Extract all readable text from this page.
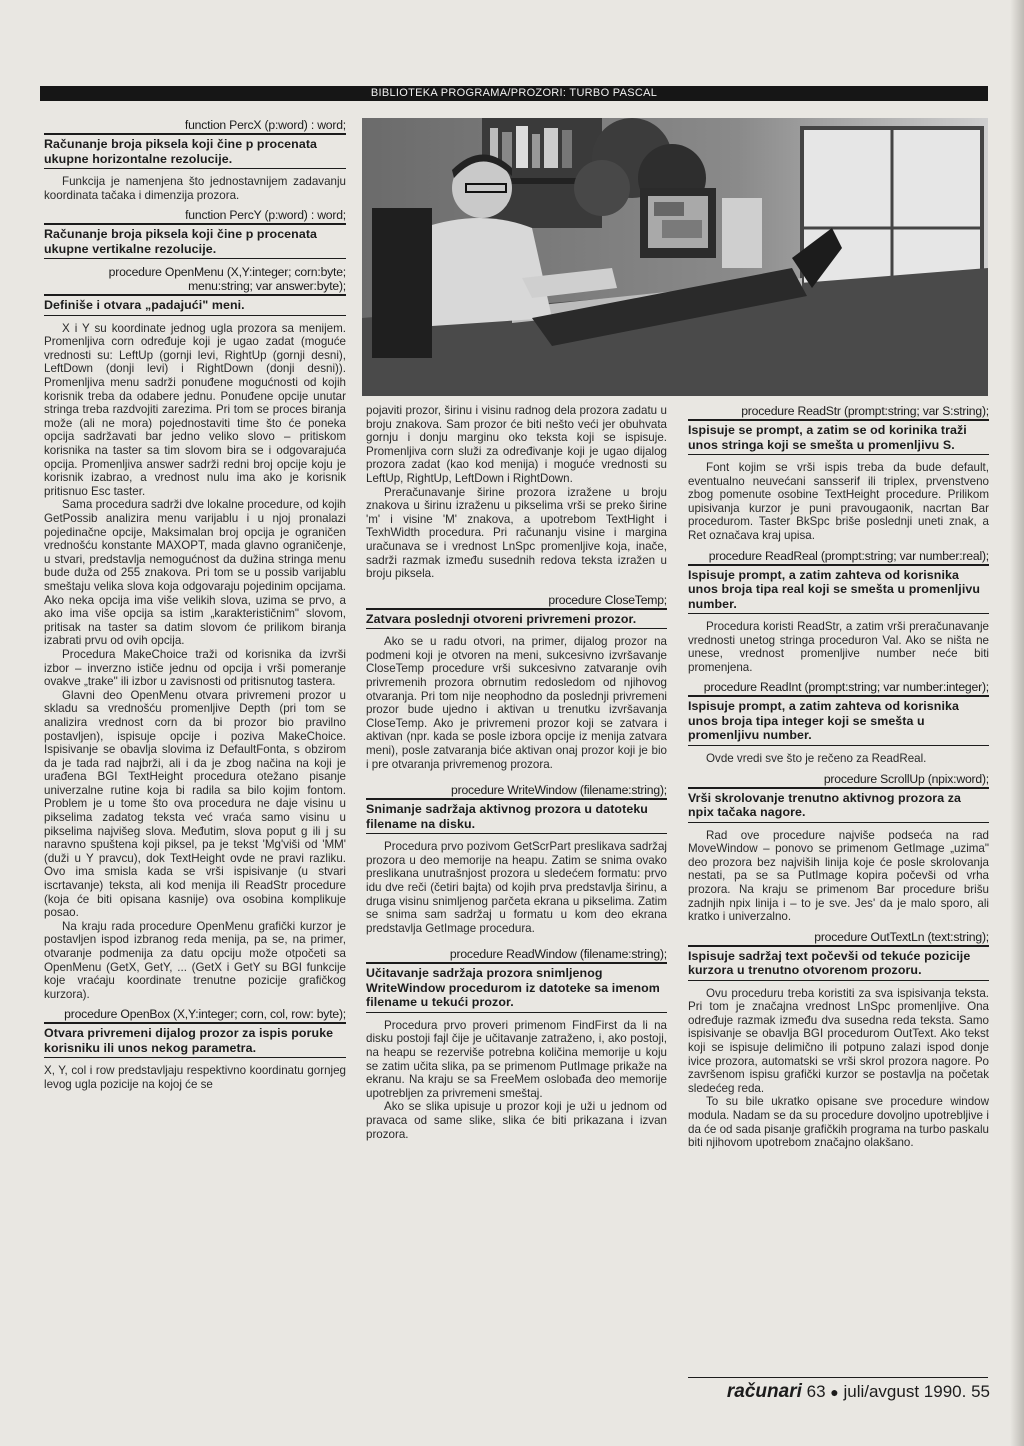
BIBLIOTEKA PROGRAMA/PROZORI: TURBO PASCAL
function PercX (p:word) : word;
Računanje broja piksela koji čine p procenata ukupne horizontalne rezolucije.

Funkcija je namenjena što jednostavnijem zadavanju koordinata tačaka i dimenzija prozora.

function PercY (p:word) : word;
Računanje broja piksela koji čine p procenata ukupne vertikalne rezolucije.
procedure OpenMenu (X,Y:integer; corn:byte; menu:string; var answer:byte);
Definiše i otvara „padajući" meni.

X i Y su koordinate jednog ugla prozora sa menijem. Promenljiva corn određuje koji je ugao zadat (moguće vrednosti su: LeftUp (gornji levi, RightUp (gornji desni), LeftDown (donji levi) i RightDown (donji desni)). Promenljiva menu sadrži ponuđene mogućnosti od kojih korisnik treba da odabere jednu. Ponuđene opcije unutar stringa treba razdvojiti zarezima. Pri tom se proces biranja može (ali ne mora) pojednostaviti time što će poneka opcija sadržavati bar jedno veliko slovo – pritiskom korisnika na taster sa tim slovom bira se i odgovarajuća opcija. Promenljiva answer sadrži redni broj opcije koju je korisnik izabrao, a vrednost nulu ima ako je korisnik pritisnuo Esc taster.

Sama procedura sadrži dve lokalne procedure, od kojih GetPossib analizira menu varijablu i u njoj pronalazi pojedinačne opcije, Maksimalan broj opcija je ograničen vrednošću konstante MAXOPT, mada glavno ograničenje, u stvari, predstavlja nemogućnost da dužina stringa menu bude duža od 255 znakova. Pri tom se u possib varijablu smeštaju velika slova koja odgovaraju pojedinim opcijama. Ako neka opcija ima više velikih slova, uzima se prvo, a ako ima više opcija sa istim „karakterističnim" slovom, pritisak na taster sa datim slovom će prilikom biranja izabrati prvu od ovih opcija.

Procedura MakeChoice traži od korisnika da izvrši izbor – inverzno ističe jednu od opcija i vrši pomeranje ovakve „trake" ili izbor u zavisnosti od pritisnutog tastera.

Glavni deo OpenMenu otvara privremeni prozor u skladu sa vrednošću promenljive Depth (pri tom se analizira vrednost corn da bi prozor bio pravilno postavljen), ispisuje opcije i poziva MakeChoice. Ispisivanje se obavlja slovima iz DefaultFonta, s obzirom da je tada rad najbrži, ali i da je zbog načina na koji je urađena BGI TextHeight procedura otežano pisanje univerzalne rutine koja bi radila sa bilo kojim fontom. Problem je u tome što ova procedura ne daje visinu u pikselima zadatog teksta već vraća samo visinu u pikselima najvišeg slova. Međutim, slova poput g ili j su naravno spuštena koji piksel, pa je tekst 'Mg'viši od 'MM' (duži u Y pravcu), dok TextHeight ovde ne pravi razliku. Ovo ima smisla kada se vrši ispisivanje (u stvari iscrtavanje) teksta, ali kod menija ili ReadStr procedure (koja će biti opisana kasnije) ova osobina komplikuje posao.

Na kraju rada procedure OpenMenu grafički kurzor je postavljen ispod izbranog reda menija, pa se, na primer, otvaranje podmenija za datu opciju može otpočeti sa OpenMenu (GetX, GetY, ... (GetX i GetY su BGI funkcije koje vraćaju koordinate trenutne pozicije grafičkog kurzora).

procedure OpenBox (X,Y:integer; corn, col, row: byte);
Otvara privremeni dijalog prozor za ispis poruke korisniku ili unos nekog parametra.

X, Y, col i row predstavljaju respektivno koordinatu gornjeg levog ugla pozicije na kojoj će se

pojaviti prozor, širinu i visinu radnog dela prozora zadatu u broju znakova. Sam prozor će biti nešto veći jer obuhvata gornju i donju marginu oko teksta koji se ispisuje. Promenljiva corn služi za određivanje koji je ugao dijalog prozora zadat (kao kod menija) i moguće vrednosti su LeftUp, RightUp, LeftDown i RightDown.

Preračunavanje širine prozora izražene u broju znakova u širinu izraženu u pikselima vrši se preko širine 'm' i visine 'M' znakova, a upotrebom TextHight i TexhWidth procedura. Pri računanju visine i margina uračunava se i vrednost LnSpc promenljive koja, inače, sadrži razmak između susednih redova teksta izražen u broju piksela.

procedure CloseTemp;
Zatvara poslednji otvoreni privremeni prozor.

Ako se u radu otvori, na primer, dijalog prozor na podmeni koji je otvoren na meni, sukcesivno izvršavanje CloseTemp procedure vrši sukcesivno zatvaranje ovih privremenih prozora obrnutim redosledom od njihovog otvaranja. Pri tom nije neophodno da poslednji privremeni prozor bude ujedno i aktivan u trenutku izvršavanja CloseTemp. Ako je privremeni prozor koji se zatvara i aktivan (npr. kada se posle izbora opcije iz menija zatvara meni), posle zatvaranja biće aktivan onaj prozor koji je bio i pre otvaranja privremenog prozora.

procedure WriteWindow (filename:string);
Snimanje sadržaja aktivnog prozora u datoteku filename na disku.

Procedura prvo pozivom GetScrPart preslikava sadržaj prozora u deo memorije na heapu. Zatim se snima ovako preslikana unutrašnjost prozora u sledećem formatu: prvo idu dve reči (četiri bajta) od kojih prva predstavlja širinu, a druga visinu snimljenog parčeta ekrana u pikselima. Zatim se snima sam sadržaj u formatu u kom deo ekrana predstavlja GetImage procedura.

procedure ReadWindow (filename:string);
Učitavanje sadržaja prozora snimljenog WriteWindow procedurom iz datoteke sa imenom filename u tekući prozor.

Procedura prvo proveri primenom FindFirst da li na disku postoji fajl čije je učitavanje zatraženo, i, ako postoji, na heapu se rezerviše potrebna količina memorije u koju se zatim učita slika, pa se primenom PutImage prikaže na ekranu. Na kraju se sa FreeMem oslobađa deo memorije upotrebljen za privremeni smeštaj.

Ako se slika upisuje u prozor koji je uži u jednom od pravaca od same slike, slika će biti prikazana i izvan prozora.

procedure ReadStr (prompt:string; var S:string);
Ispisuje se prompt, a zatim se od korinika traži unos stringa koji se smešta u promenljivu S.

Font kojim se vrši ispis treba da bude default, eventualno neuvećani sansserif ili triplex, prvenstveno zbog pomenute osobine TextHeight procedure. Prilikom upisivanja kurzor je puni pravougaonik, nacrtan Bar procedurom. Taster BkSpc briše poslednji uneti znak, a Ret označava kraj upisa.

procedure ReadReal (prompt:string; var number:real);
Ispisuje prompt, a zatim zahteva od korisnika unos broja tipa real koji se smešta u promenljivu number.

Procedura koristi ReadStr, a zatim vrši preračunavanje vrednosti unetog stringa proceduron Val. Ako se ništa ne unese, vrednost promenljive number neće biti promenjena.

procedure ReadInt (prompt:string; var number:integer);
Ispisuje prompt, a zatim zahteva od korisnika unos broja tipa integer koji se smešta u promenljivu number.

Ovde vredi sve što je rečeno za ReadReal.

procedure ScrollUp (npix:word);
Vrši skrolovanje trenutno aktivnog prozora za npix tačaka nagore.

Rad ove procedure najviše podseća na rad MoveWindow – ponovo se primenom GetImage „uzima" deo prozora bez najviših linija koje će posle skrolovanja nestati, pa se sa PutImage kopira počevši od vrha prozora. Na kraju se primenom Bar procedure brišu zadnjih npix linija i – to je sve. Jes' da je malo sporo, ali kratko i univerzalno.

procedure OutTextLn (text:string);
Ispisuje sadržaj text počevši od tekuće pozicije kurzora u trenutno otvorenom prozoru.

Ovu proceduru treba koristiti za sva ispisivanja teksta. Pri tom je značajna vrednost LnSpc promenljive. Ona određuje razmak između dva susedna reda teksta. Samo ispisivanje se obavlja BGI procedurom OutText. Ako tekst koji se ispisuje delimično ili potpuno zalazi ispod donje ivice prozora, automatski se vrši skrol prozora nagore. Po završenom ispisu grafički kurzor se postavlja na početak sledećeg reda.

To su bile ukratko opisane sve procedure window modula. Nadam se da su procedure dovoljno upotrebljive i da će od sada pisanje grafičkih programa na turbo paskalu biti njihovom upotrebom značajno olakšano.

računari 63 ● juli/avgust 1990. 55
